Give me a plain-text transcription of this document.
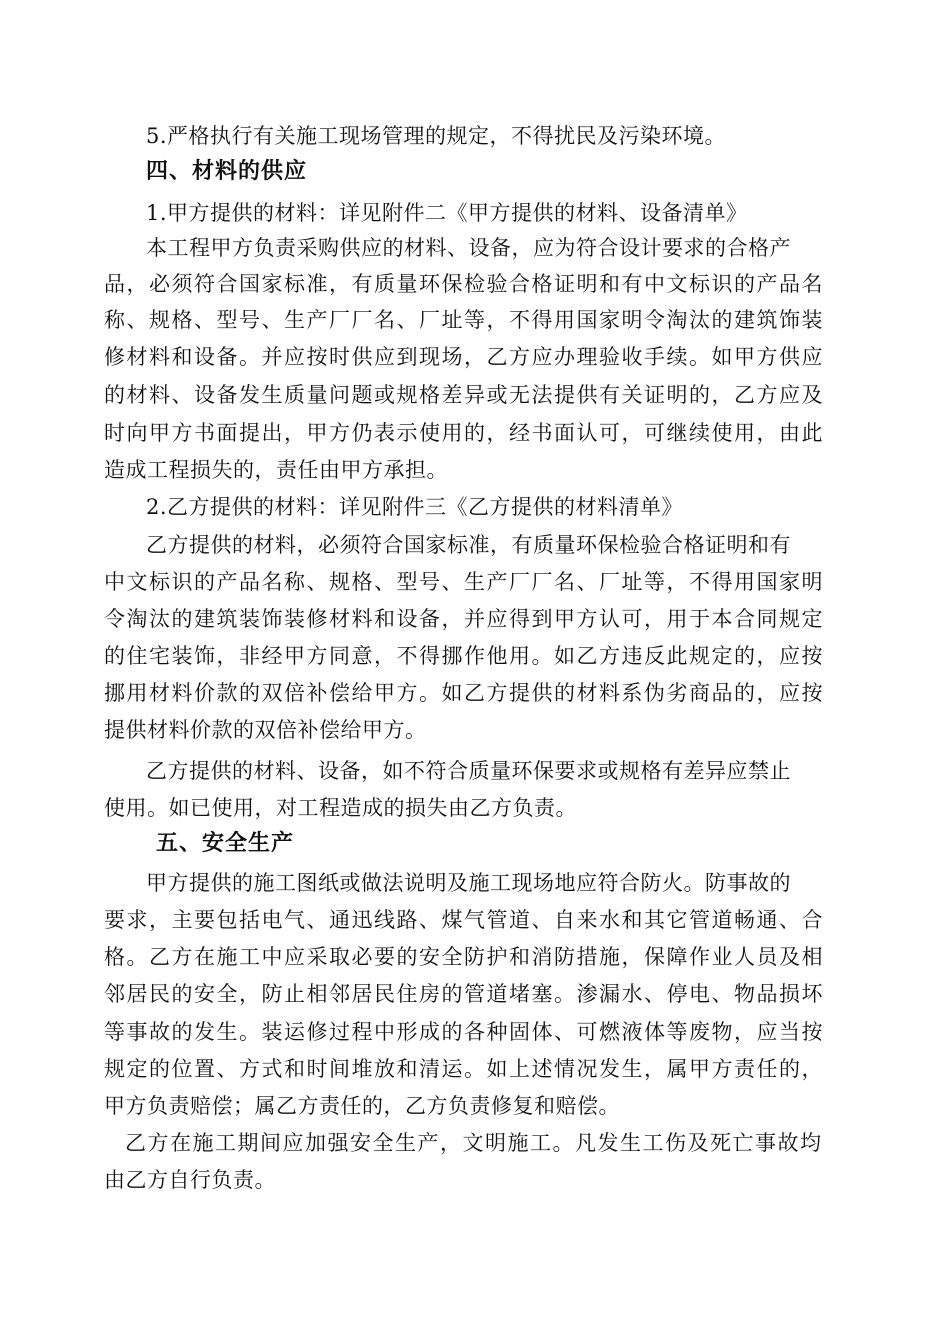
5.严格执行有关施工现场管理的规定，不得扰民及污染环境。
四、材料的供应
1.甲方提供的材料：详见附件二《甲方提供的材料、设备清单》
本工程甲方负责采购供应的材料、设备，应为符合设计要求的合格产
品，必须符合国家标准，有质量环保检验合格证明和有中文标识的产品名
称、规格、型号、生产厂厂名、厂址等，不得用国家明令淘汰的建筑饰装
修材料和设备。并应按时供应到现场，乙方应办理验收手续。如甲方供应
的材料、设备发生质量问题或规格差异或无法提供有关证明的，乙方应及
时向甲方书面提出，甲方仍表示使用的，经书面认可，可继续使用，由此
造成工程损失的，责任由甲方承担。
2.乙方提供的材料：详见附件三《乙方提供的材料清单》
乙方提供的材料，必须符合国家标准，有质量环保检验合格证明和有
中文标识的产品名称、规格、型号、生产厂厂名、厂址等，不得用国家明
令淘汰的建筑装饰装修材料和设备，并应得到甲方认可，用于本合同规定
的住宅装饰，非经甲方同意，不得挪作他用。如乙方违反此规定的，应按
挪用材料价款的双倍补偿给甲方。如乙方提供的材料系伪劣商品的，应按
提供材料价款的双倍补偿给甲方。
乙方提供的材料、设备，如不符合质量环保要求或规格有差异应禁止
使用。如已使用，对工程造成的损失由乙方负责。
五、安全生产
甲方提供的施工图纸或做法说明及施工现场地应符合防火。防事故的
要求，主要包括电气、通迅线路、煤气管道、自来水和其它管道畅通、合
格。乙方在施工中应采取必要的安全防护和消防措施，保障作业人员及相
邻居民的安全，防止相邻居民住房的管道堵塞。渗漏水、停电、物品损坏
等事故的发生。装运修过程中形成的各种固体、可燃液体等废物，应当按
规定的位置、方式和时间堆放和清运。如上述情况发生，属甲方责任的，
甲方负责赔偿；属乙方责任的，乙方负责修复和赔偿。
乙方在施工期间应加强安全生产，文明施工。凡发生工伤及死亡事故均
由乙方自行负责。
